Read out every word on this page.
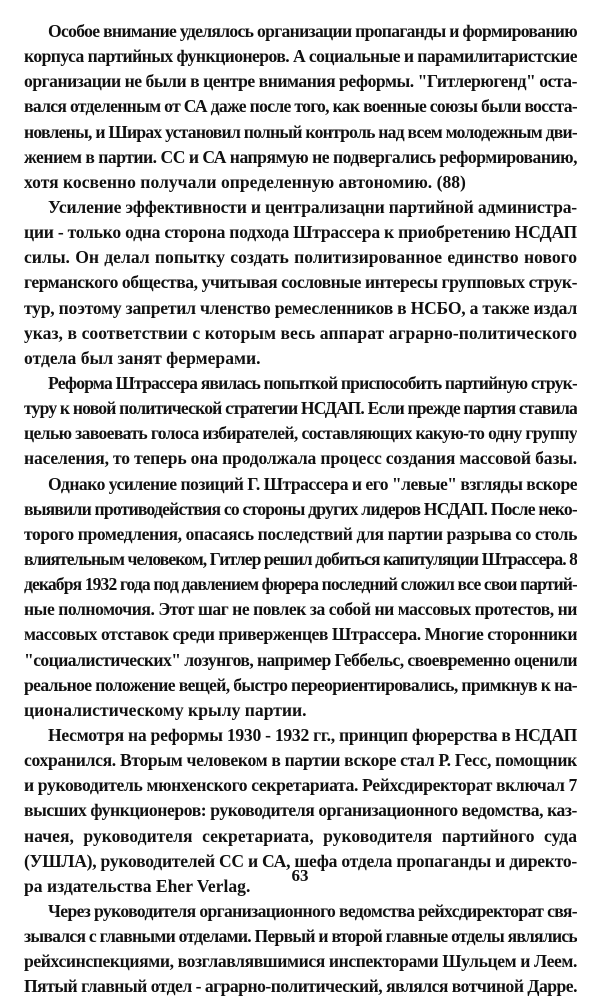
Особое внимание уделялось организации пропаганды и формированию
корпуса партийных функционеров. А социальные и парамилитаристские
организации не были в центре внимания реформы. "Гитлерюгенд" оста-
вался отделенным от СА даже после того, как военные союзы были восста-
новлены, и Ширах установил полный контроль над всем молодежным дви-
жением в партии. СС и СА напрямую не подвергались реформированию,
хотя косвенно получали определенную автономию. (88)
Усиление эффективности и централизацни партийной администра-
ции - только одна сторона подхода Штрассера к приобретению НСДАП
силы. Он делал попытку создать политизированное единство нового
германского общества, учитывая сословные интересы групповых струк-
тур, поэтому запретил членство ремесленников в НСБО, а также издал
указ, в соответствии с которым весь аппарат аграрно-политического
отдела был занят фермерами.
Реформа Штрассера явилась попыткой приспособить партийную струк-
туру к новой политической стратегии НСДАП. Если прежде партия ставила
целью завоевать голоса избирателей, составляющих какую-то одну группу
населения, то теперь она продолжала процесс создания массовой базы.
Однако усиление позиций Г. Штрассера и его "левые" взгляды вскоре
выявили противодействия со стороны других лидеров НСДАП. После неко-
торого промедления, опасаясь последствий для партии разрыва со столь
влиятельным человеком, Гитлер решил добиться капитуляции Штрассера. 8
декабря 1932 года под давлением фюрера последний сложил все свои партий-
ные полномочия. Этот шаг не повлек за собой ни массовых протестов, ни
массовых отставок среди приверженцев Штрассера. Многие сторонники
"социалистических" лозунгов, например Геббельс, своевременно оценили
реальное положение вещей, быстро переориентировались, примкнув к на-
ционалистическому крылу партии.
Несмотря на реформы 1930 - 1932 гг., принцип фюрерства в НСДАП
сохранился. Вторым человеком в партии вскоре стал Р. Гесс, помощник
и руководитель мюнхенского секретариата. Рейхсдиректорат включал 7
высших функционеров: руководителя организационного ведомства, каз-
начея, руководителя секретариата, руководителя партийного суда
(УШЛА), руководителей СС и СА, шефа отдела пропаганды и директо-
ра издательства Eher Verlag.
Через руководителя организационного ведомства рейхсдиректорат свя-
зывался с главными отделами. Первый и второй главные отделы являлись
рейхсинспекциями, возглавлявшимися инспекторами Шульцем и Леем.
Пятый главный отдел - аграрно-политический, являлся вотчиной Дарре.
63
